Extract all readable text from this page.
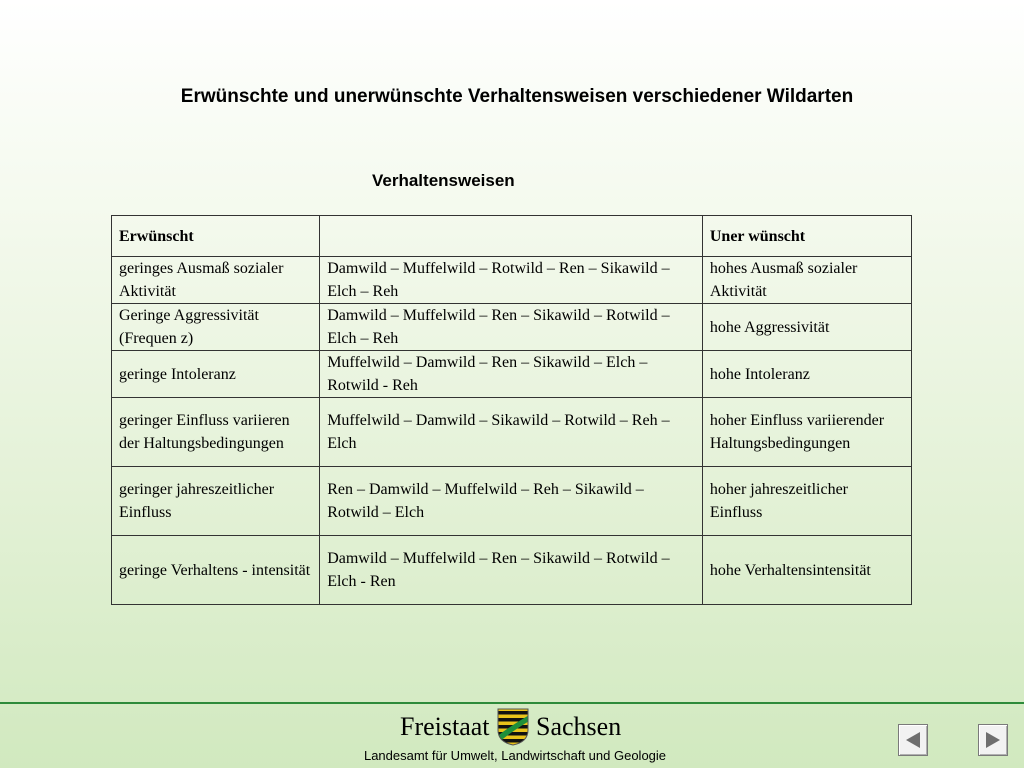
Erwünschte und unerwünschte Verhaltensweisen verschiedener Wildarten
Verhaltensweisen
Erwünscht		Uner wünscht
geringes Ausmaß sozialer Aktivität	Damwild – Muffelwild – Rotwild – Ren – Sikawild – Elch – Reh	hohes Ausmaß sozialer Aktivität
Geringe Aggressivität (Frequen z)	Damwild – Muffelwild – Ren – Sikawild – Rotwild – Elch – Reh	hohe Aggressivität
geringe Intoleranz	Muffelwild – Damwild – Ren – Sikawild – Elch – Rotwild - Reh	hohe Intoleranz
geringer Einfluss variieren der Haltungsbedingungen	Muffelwild – Damwild – Sikawild – Rotwild – Reh – Elch	hoher Einfluss variierender Haltungsbedingungen
geringer jahreszeitlicher Einfluss	Ren – Damwild – Muffelwild – Reh – Sikawild – Rotwild – Elch	hoher jahreszeitlicher Einfluss
geringe Verhaltens - intensität	Damwild – Muffelwild – Ren – Sikawild – Rotwild – Elch - Ren	hohe Verhaltensintensität
Freistaat Sachsen

Landesamt für Umwelt, Landwirtschaft und Geologie
